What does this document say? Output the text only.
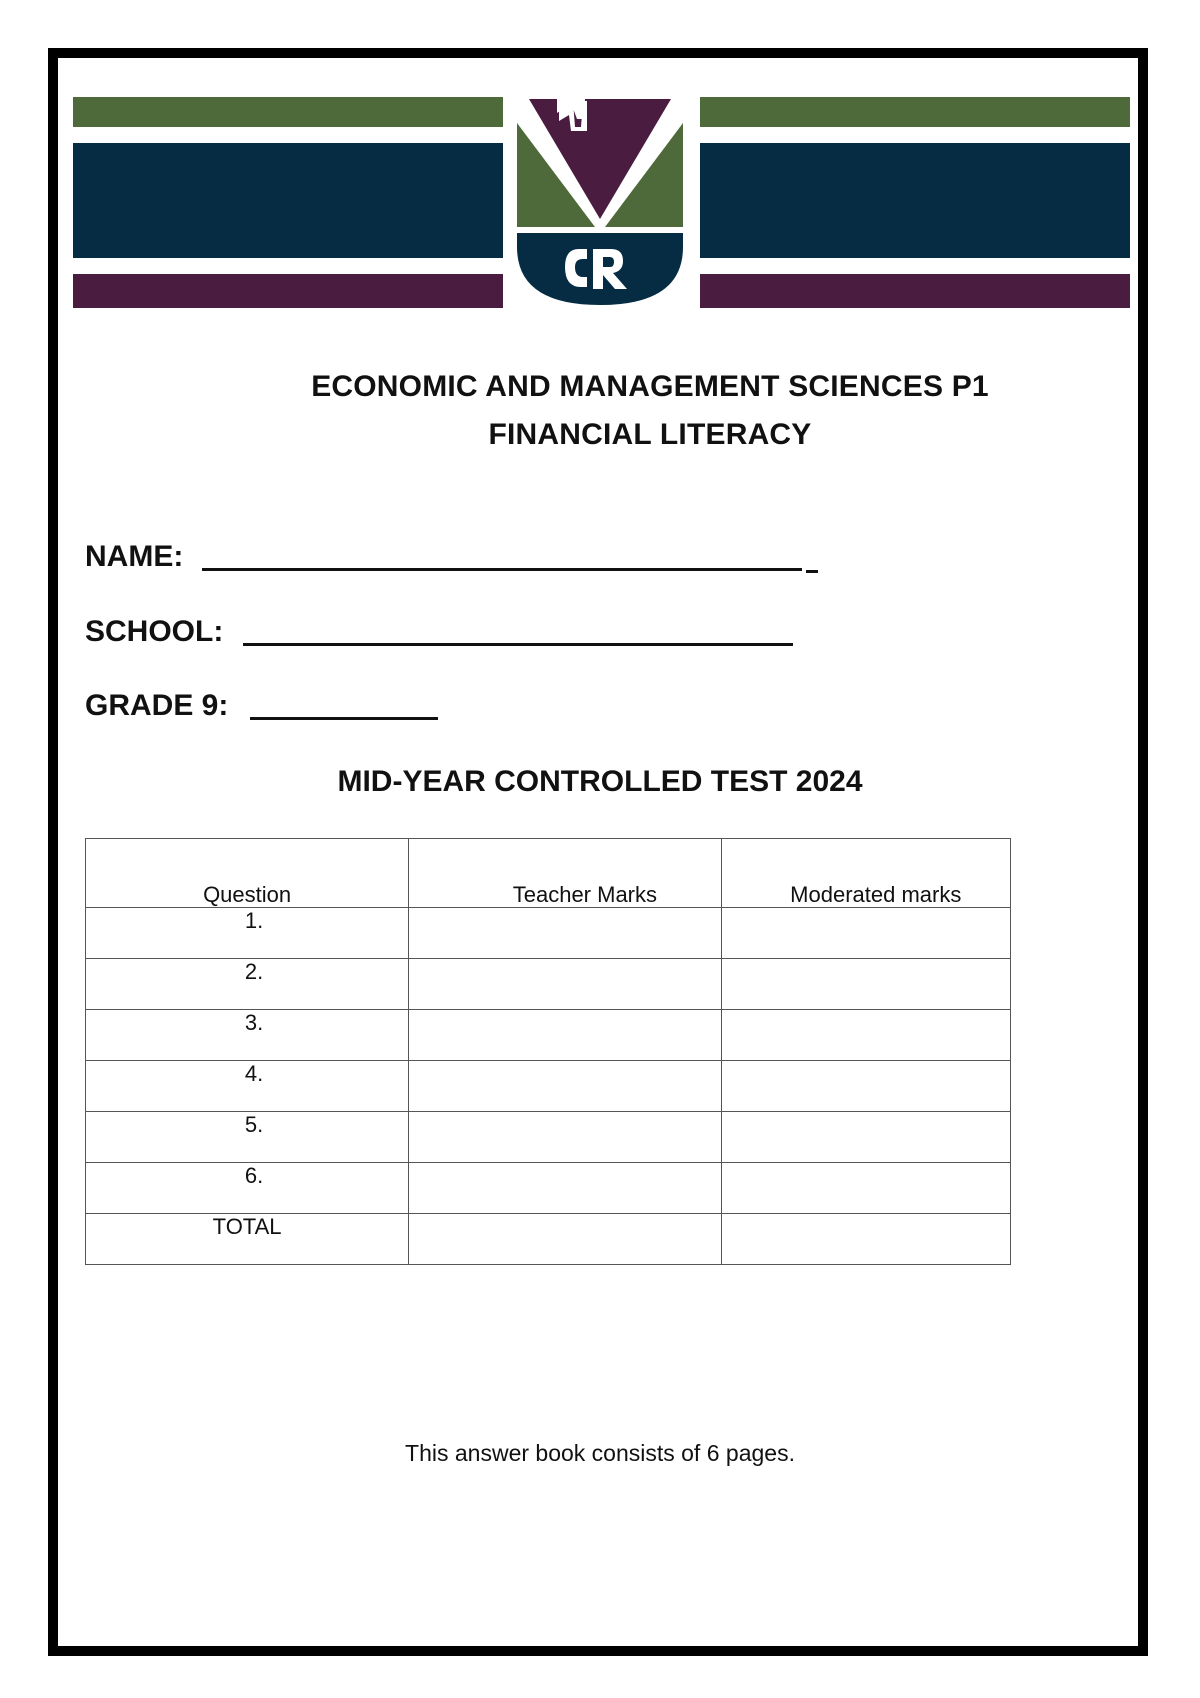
ECONOMIC AND MANAGEMENT SCIENCES P1
FINANCIAL LITERACY
NAME:
SCHOOL:
GRADE 9:
MID-YEAR CONTROLLED TEST 2024
Question	Teacher Marks	Moderated marks

1.		

2.		

3.		

4.		

5.		

6.		

TOTAL		

This answer book consists of 6 pages.
